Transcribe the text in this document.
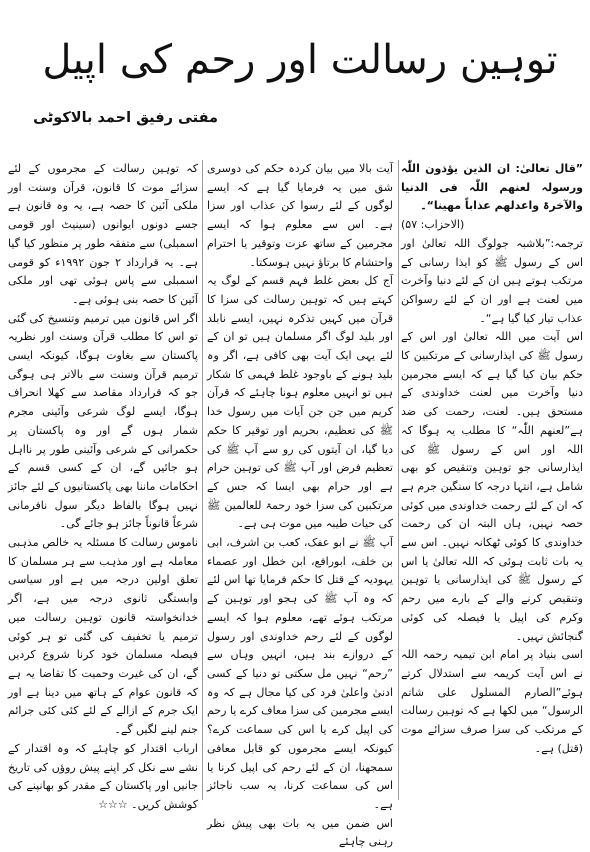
توہین رسالت اور رحم کی اپیل
مفتی رفیق احمد بالاکوٹی

”قال تعالیٰ: ان الذین یؤذون اللّٰہ ورسولہ لعنھم اللّٰہ فی الدنیا والآخرۃ واعدلھم عذاباً مھینا“۔

(الاحزاب: ۵۷)

ترجمہ:”بلاشبہ جولوگ اللہ تعالیٰ اور اس کے رسول ﷺ کو ایذا رسانی کے مرتکب ہوتے ہیں ان کے لئے دنیا وآخرت میں لعنت ہے اور ان کے لئے رسواکن عذاب تیار کیا گیا ہے“۔

اس آیت میں اللہ تعالیٰ اور اس کے رسول ﷺ کی ایذارسانی کے مرتکبین کا حکم بیان کیا گیا ہے کہ ایسے مجرمین دنیا وآخرت میں لعنت خداوندی کے مستحق ہیں۔ لعنت، رحمت کی ضد ہے”لعنھم اللّٰہ“ کا مطلب یہ ہوگا کہ اللہ اور اس کے رسول ﷺ کی ایذارسانی جو توہین وتنقیص کو بھی شامل ہے، انتہا درجہ کا سنگین جرم ہے کہ ان کے لئے رحمت خداوندی میں کوئی حصہ نہیں، ہاں البتہ ان کی رحمت خداوندی کا کوئی ٹھکانہ نہیں۔ اس سے یہ بات ثابت ہوئی کہ اللہ تعالیٰ یا اس کے رسول ﷺ کی ایذارسانی یا توہین وتنقیص کرنے والے کے بارے میں رحم وکرم کی اپیل یا فیصلہ کی کوئی گنجائش نہیں۔

اسی بنیاد پر امام ابن تیمیہ رحمہ اللہ نے اس آیت کریمہ سے استدلال کرتے ہوئے”الصارم المسلول علی شاتم الرسول“ میں لکھا ہے کہ توہین رسالت کے مرتکب کی سزا صرف سزائے موت (قتل) ہے۔

آیت بالا میں بیان کردہ حکم کی دوسری شق میں یہ فرمایا گیا ہے کہ ایسے لوگوں کے لئے رسوا کن عذاب اور سزا ہے۔ اس سے معلوم ہوا کہ ایسے مجرمین کے ساتھ عزت وتوقیر یا احترام واحتشام کا برتاؤ نہیں ہوسکتا۔

آج کل بعض غلط فہم قسم کے لوگ یہ کہتے ہیں کہ توہین رسالت کی سزا کا قرآن میں کہیں تذکرہ نہیں، ایسے نابلد اور بلید لوگ اگر مسلمان ہیں تو ان کے لئے یہی ایک آیت بھی کافی ہے، اگر وہ بلید ہونے کے باوجود غلط فہمی کا شکار ہیں تو انہیں معلوم ہونا چاہئے کہ قرآن کریم میں جن جن آیات میں رسول خدا ﷺ کی تعظیم، بحریم اور توقیر کا حکم دیا گیا، ان آیتوں کی رو سے آپ ﷺ کی تعظیم فرض اور آپ ﷺ کی توہین حرام ہے اور حرام بھی ایسا کہ جس کے مرتکبین کی سزا خود رحمۃ للعالمین ﷺ کی حیات طیبہ میں موت ہی ہے۔

آپ ﷺ نے ابو عفک، کعب بن اشرف، ابی بن خلف، ابورافع، ابن خطل اور عصماء یہودیہ کے قتل کا حکم فرمایا تھا اس لئے کہ وہ آپ ﷺ کی ہجو اور توہین کے مرتکب ہوئے تھے، معلوم ہوا کہ ایسے لوگوں کے لئے رحم خداوندی اور رسول کے دروازے بند ہیں، انہیں وہاں سے ”رحم“ نہیں مل سکتی تو دنیا کے کسی ادنیٰ واعلیٰ فرد کی کیا مجال ہے کہ وہ ایسے مجرمین کی سزا معاف کرے یا رحم کی اپیل کرے یا اس کی سماعت کرے؟ کیونکہ ایسے مجرموں کو قابل معافی سمجھنا، ان کے لئے رحم کی اپیل کرنا یا اس کی سماعت کرنا، یہ سب ناجائز ہے۔

اس ضمن میں یہ بات بھی پیش نظر رہنی چاہئے

کہ توہین رسالت کے مجرموں کے لئے سزائے موت کا قانون، قرآن وسنت اور ملکی آئین کا حصہ ہے، یہ وہ قانون ہے جسے دونوں ایوانوں (سینیٹ اور قومی اسمبلی) سے متفقہ طور پر منظور کیا گیا ہے۔ یہ قرارداد ۲ جون ۱۹۹۲ء کو قومی اسمبلی سے پاس ہوئی تھی اور ملکی آئین کا حصہ بنی ہوئی ہے۔

اگر اس قانون میں ترمیم وتنسیخ کی گئی تو اس کا مطلب قرآن وسنت اور نظریہ پاکستان سے بغاوت ہوگا، کیونکہ ایسی ترمیم قرآن وسنت سے بالاتر ہی ہوگی جو کہ قرارداد مقاصد سے کھلا انحراف ہوگا، ایسے لوگ شرعی وآئینی مجرم شمار ہوں گے اور وہ پاکستان پر حکمرانی کے شرعی وآئینی طور پر نااہل ہو جائیں گے، ان کے کسی قسم کے احکامات ماننا بھی پاکستانیوں کے لئے جائز نہیں ہوگا بالفاظ دیگر سول نافرمانی شرعاً قانوناً جائز ہو جائے گی۔

ناموس رسالت کا مسئلہ یہ خالص مذہبی معاملہ ہے اور مذہب سے ہر مسلمان کا تعلق اولین درجہ میں ہے اور سیاسی وابستگی ثانوی درجہ میں ہے، اگر خدانخواستہ قانون توہین رسالت میں ترمیم یا تخفیف کی گئی تو ہر کوئی فیصلہ مسلمان خود کرنا شروع کردیں گے، ان کی غیرت وحمیت کا تقاضا یہ ہے کہ قانون عوام کے ہاتھ میں دینا ہے اور ایک جرم کے ازالے کے لئے کئی کئی جرائم جنم لینے لگیں گے۔

ارباب اقتدار کو چاہئے کہ وہ اقتدار کے نشے سے نکل کر اپنے پیش روؤں کی تاریخ جانیں اور پاکستان کے مقدر کو بھانپنے کی کوشش کریں۔ ☆☆☆
